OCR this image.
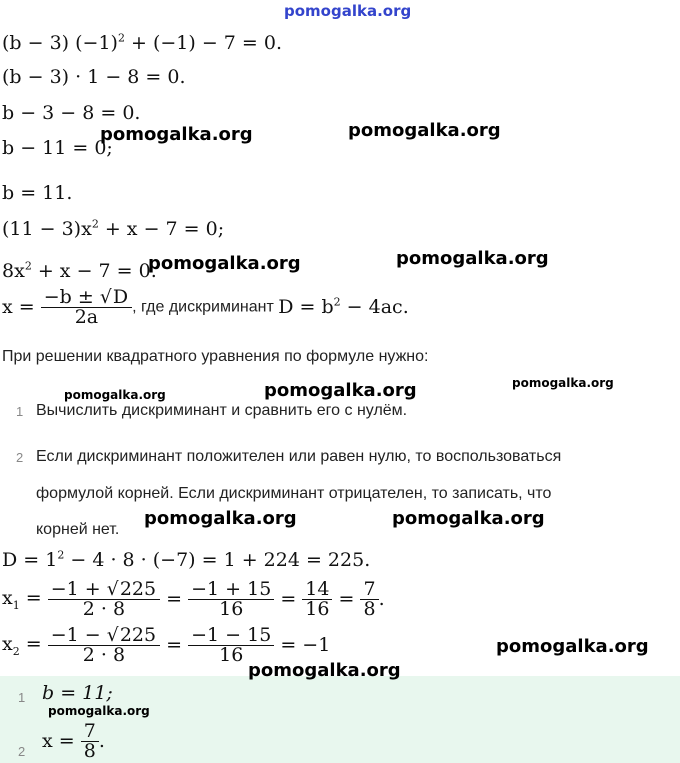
pomogalka.org
(b − 3) $(-1)^2 + (-1) - 7 = 0$.
(b − 3) · 1 − 8 = 0.
b − 3 − 8 = 0.
b − 11 = 0;
b = 11.
$(11 - 3)x^2 + x - 7 = 0$;
$8x^2 + x - 7 = 0$.
$x = \frac{-b \pm √D}{2a}$ , где дискриминант $D = b^2 - 4ac$.
При решении квадратного уравнения по формуле нужно:
1 Вычислить дискриминант и сравнить его с нулём.
2 Если дискриминант положителен или равен нулю, то воспользоваться
формулой корней. Если дискриминант отрицателен, то записать, что
корней нет.
$D = 1^2 - 4 \cdot 8 \cdot (-7) = 1 + 224 = 225$.
$x_1 = \frac{-1 + √225}{2 \cdot 8} = \frac{-1 + 15}{16} = \frac{14}{16} = \frac{7}{8}$ .
$x_2 = \frac{-1 - √225}{2 \cdot 8} = \frac{-1 - 15}{16} = -1$
1 b = 11;
2 $x = \frac{7}{8}$ .
pomogalka.org	pomogalka.org
pomogalka.org	pomogalka.org
pomogalka.org	pomogalka.org	pomogalka.org
pomogalka.org	pomogalka.org
pomogalka.org
pomogalka.org
pomogalka.org
